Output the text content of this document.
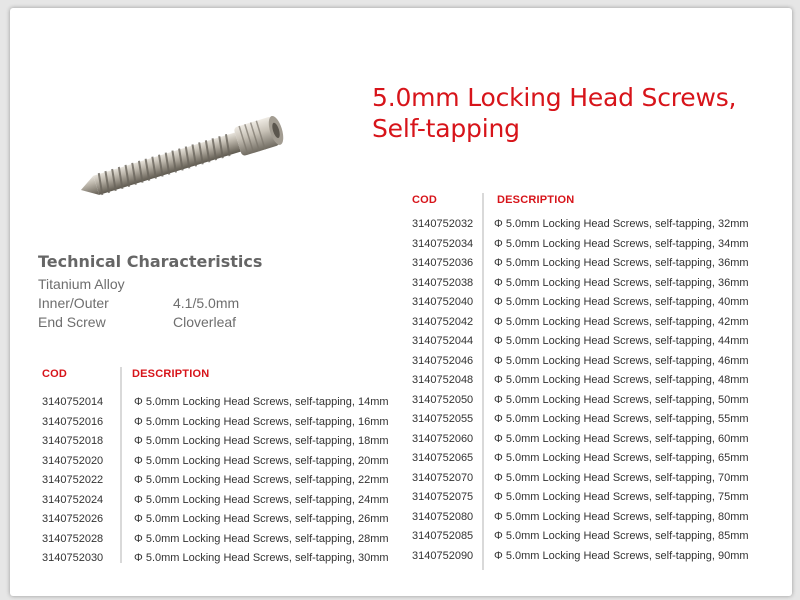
5.0mm Locking Head Screws,
Self-tapping
Technical Characteristics
Titanium Alloy
Inner/Outer	4.1/5.0mm
End Screw	Cloverleaf
COD	DESCRIPTION
3140752014	Φ 5.0mm Locking Head Screws, self-tapping, 14mm
3140752016	Φ 5.0mm Locking Head Screws, self-tapping, 16mm
3140752018	Φ 5.0mm Locking Head Screws, self-tapping, 18mm
3140752020	Φ 5.0mm Locking Head Screws, self-tapping, 20mm
3140752022	Φ 5.0mm Locking Head Screws, self-tapping, 22mm
3140752024	Φ 5.0mm Locking Head Screws, self-tapping, 24mm
3140752026	Φ 5.0mm Locking Head Screws, self-tapping, 26mm
3140752028	Φ 5.0mm Locking Head Screws, self-tapping, 28mm
3140752030	Φ 5.0mm Locking Head Screws, self-tapping, 30mm
COD	DESCRIPTION
3140752032 Φ 5.0mm Locking Head Screws, self-tapping, 32mm
3140752034 Φ 5.0mm Locking Head Screws, self-tapping, 34mm
3140752036 Φ 5.0mm Locking Head Screws, self-tapping, 36mm
3140752038 Φ 5.0mm Locking Head Screws, self-tapping, 36mm
3140752040 Φ 5.0mm Locking Head Screws, self-tapping, 40mm
3140752042 Φ 5.0mm Locking Head Screws, self-tapping, 42mm
3140752044 Φ 5.0mm Locking Head Screws, self-tapping, 44mm
3140752046 Φ 5.0mm Locking Head Screws, self-tapping, 46mm
3140752048 Φ 5.0mm Locking Head Screws, self-tapping, 48mm
3140752050 Φ 5.0mm Locking Head Screws, self-tapping, 50mm
3140752055 Φ 5.0mm Locking Head Screws, self-tapping, 55mm
3140752060 Φ 5.0mm Locking Head Screws, self-tapping, 60mm
3140752065 Φ 5.0mm Locking Head Screws, self-tapping, 65mm
3140752070 Φ 5.0mm Locking Head Screws, self-tapping, 70mm
3140752075 Φ 5.0mm Locking Head Screws, self-tapping, 75mm
3140752080 Φ 5.0mm Locking Head Screws, self-tapping, 80mm
3140752085 Φ 5.0mm Locking Head Screws, self-tapping, 85mm
3140752090 Φ 5.0mm Locking Head Screws, self-tapping, 90mm
